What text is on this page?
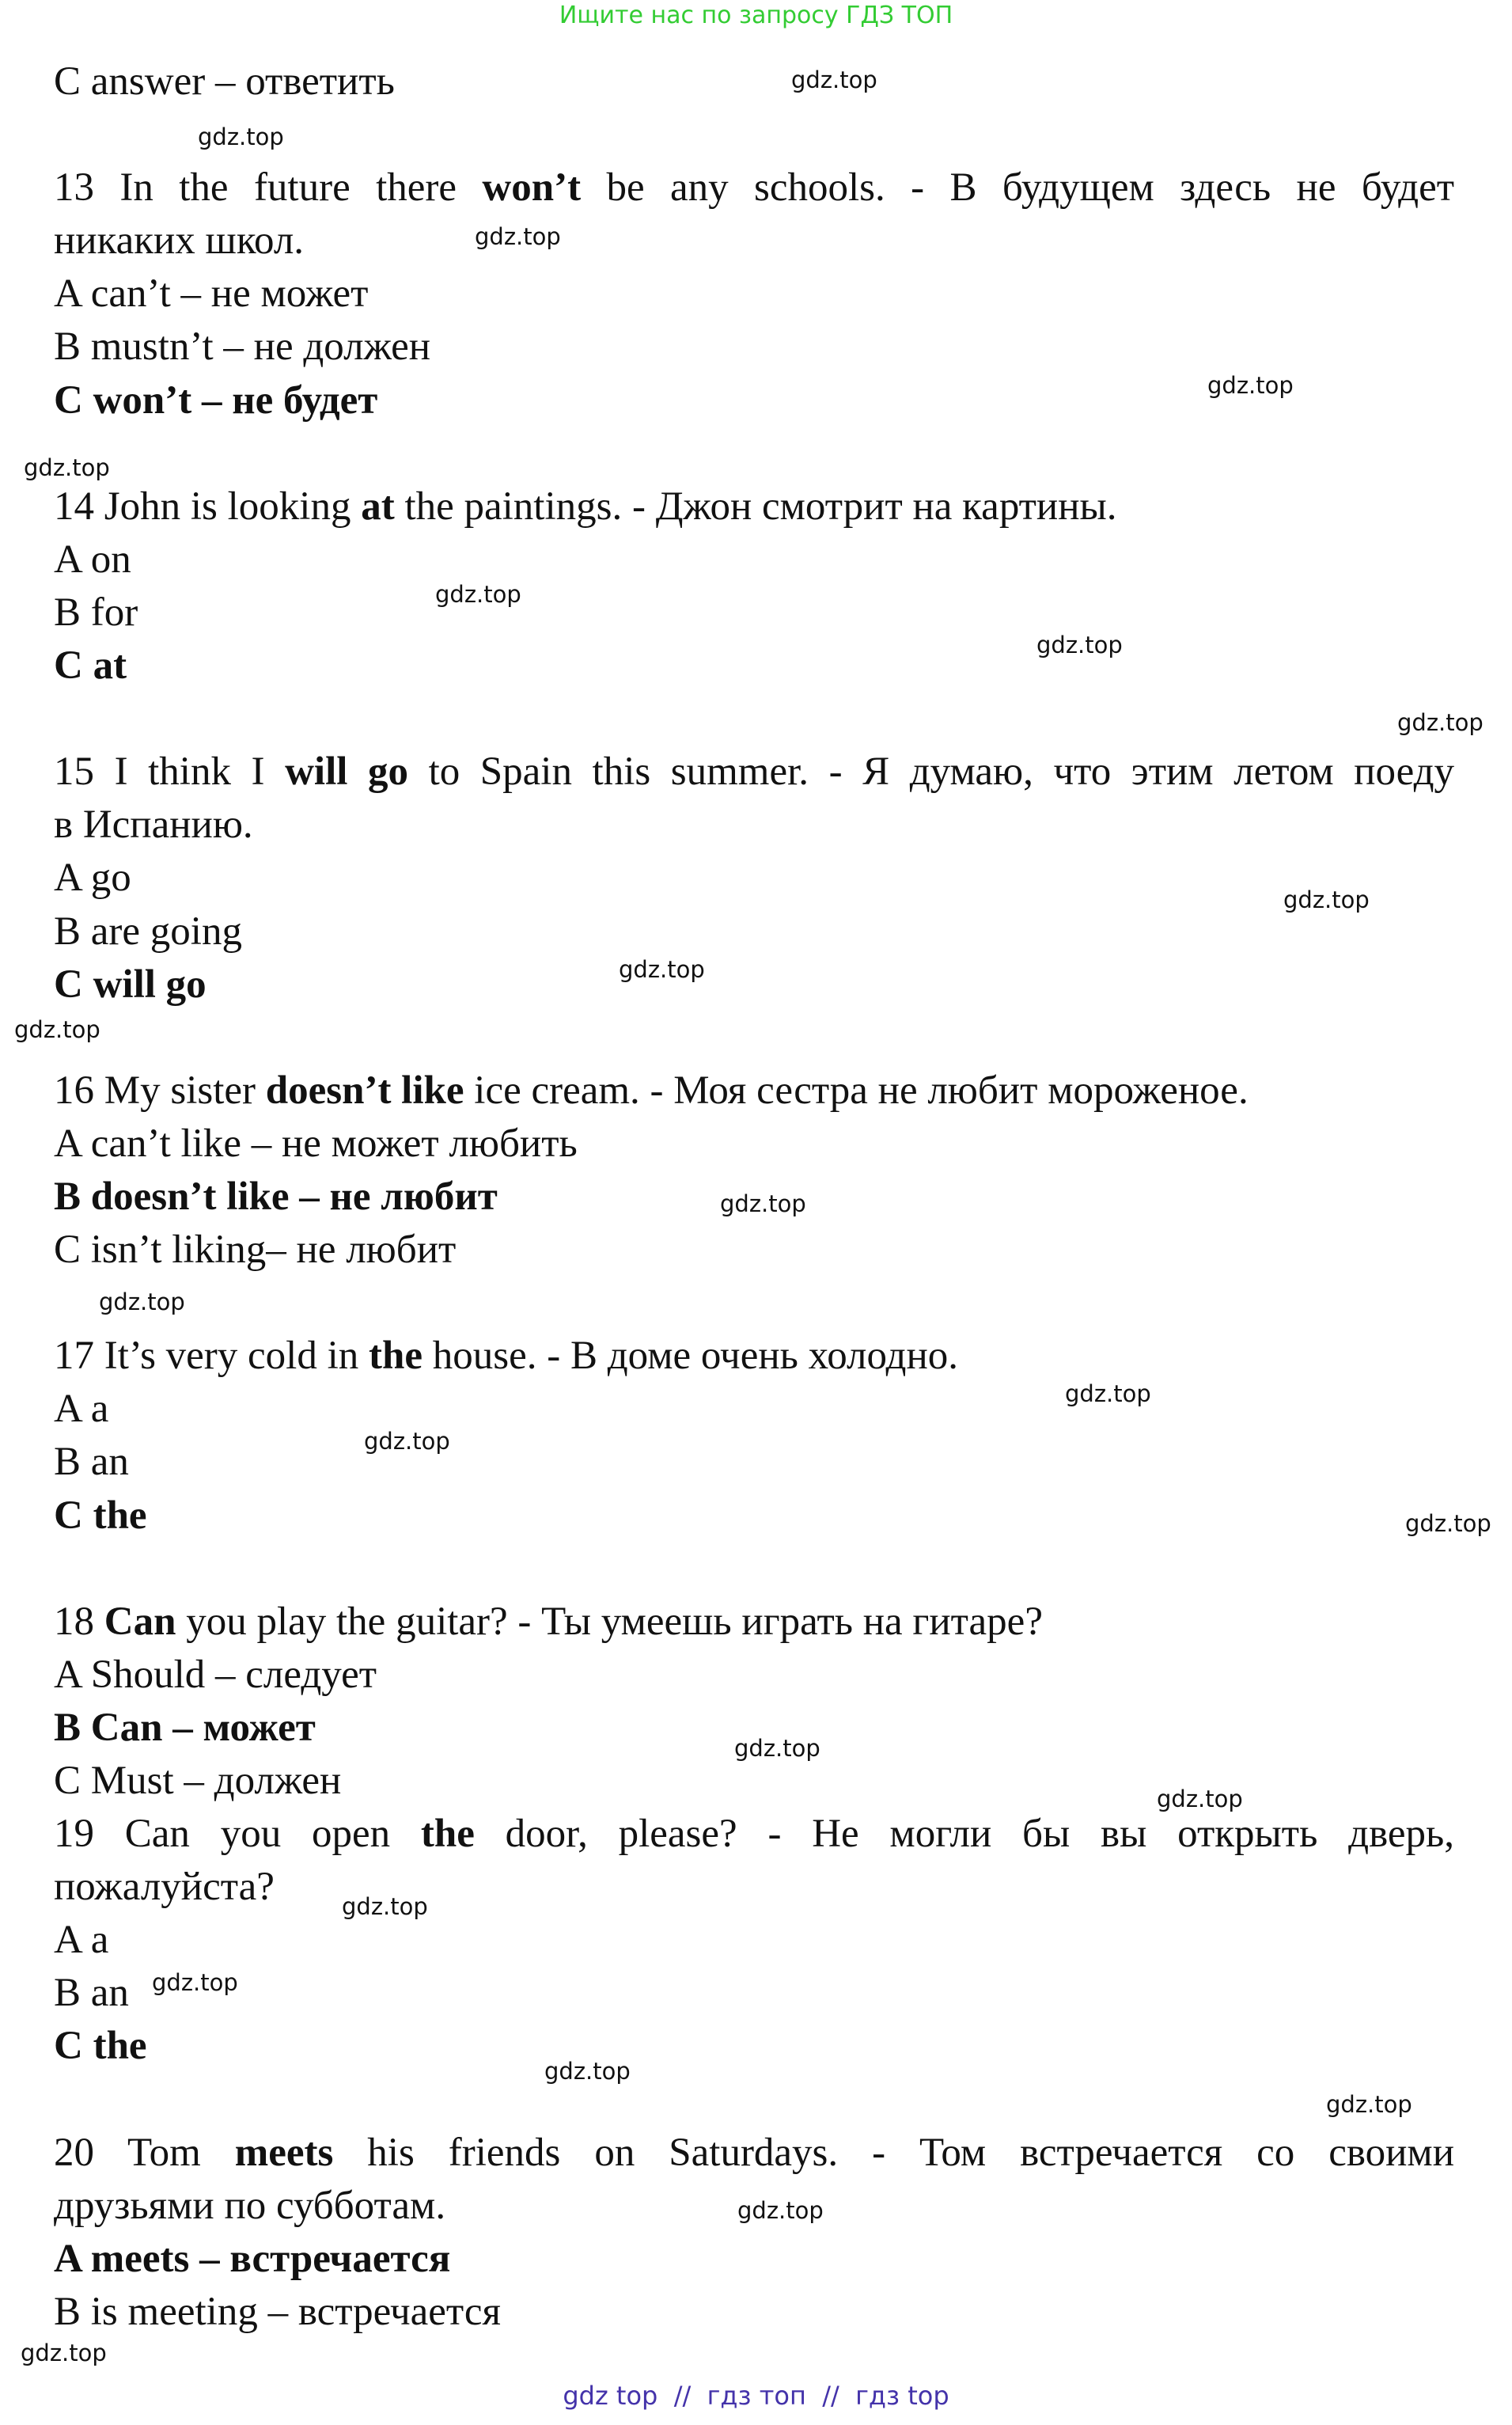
Ищите нас по запросу ГДЗ ТОП
C answer – ответить
13 In the future there won’t be any schools. - В будущем здесь не будет
никаких школ.
A can’t – не может
B mustn’t – не должен
C won’t – не будет
14 John is looking at the paintings. - Джон смотрит на картины.
A on
B for
C at
15 I think I will go to Spain this summer. - Я думаю, что этим летом поеду
в Испанию.
A go
B are going
C will go
16 My sister doesn’t like ice cream. - Моя сестра не любит мороженое.
A can’t like – не может любить
B doesn’t like – не любит
C isn’t liking– не любит
17 It’s very cold in the house. - В доме очень холодно.
A a
B an
C the
18 Can you play the guitar? - Ты умеешь играть на гитаре?
A Should – следует
B Can – может
C Must – должен
19 Can you open the door, please? - Не могли бы вы открыть дверь,
пожалуйста?
A a
B an
C the
20 Tom meets his friends on Saturdays. - Том встречается со своими
друзьями по субботам.
A meets – встречается
B is meeting – встречается
gdz.top
gdz.top
gdz.top
gdz.top
gdz.top
gdz.top
gdz.top
gdz.top
gdz.top
gdz.top
gdz.top
gdz.top
gdz.top
gdz.top
gdz.top
gdz.top
gdz.top
gdz.top
gdz.top
gdz.top
gdz.top
gdz.top
gdz.top
gdz.top
gdz top  //  гдз топ  //  гдз top
